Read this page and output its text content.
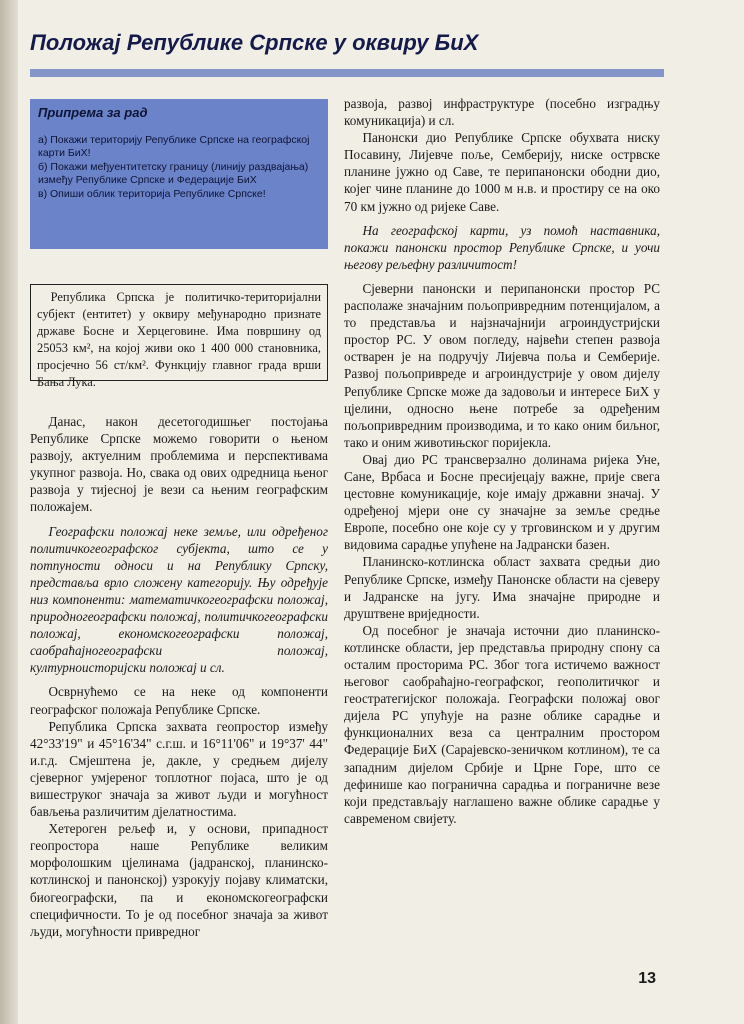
Положај Републике Српске у оквиру БиХ
Припрема за рад
а) Покажи територију Републике Српске на географској карти БиХ!
б) Покажи међуентитетску границу (линију раздвајања) између Републике Српске и Федерације БиХ
в) Опиши облик територија Републике Српске!
Република Српска је политичко-територијални субјект (ентитет) у оквиру међународно признате државе Босне и Херцеговине. Има површину од 25053 км², на којој живи око 1 400 000 становника, просјечно 56 ст/км². Функцију главног града врши Бања Лука.

Данас, након десетогодишњег постојања Републике Српске можемо говорити о њеном развоју, актуелним проблемима и перспективама укупног развоја. Но, свака од ових одредница њеног развоја у тијесној је вези са њеним географским положајем.

Географски положај неке земље, или одређеног политичкогеографског субјекта, што се у потпуности односи и на Републику Српску, представља врло сложену категорију. Њу одређује низ компоненти: математичкогеографски положај, природногеографски положај, политичкогеографски положај, економскогеографски положај, саобраћајногеографски положај, културноисторијски положај и сл.

Осврнућемо се на неке од компоненти географског положаја Републике Српске.

Република Српска захвата геопростор између 42°33'19" и 45°16'34" с.г.ш. и 16°11'06" и 19°37' 44" и.г.д. Смјештена је, дакле, у средњем дијелу сјеверног умјереног топлотног појаса, што је од вишеструког значаја за живот људи и могућност бављења различитим дјелатностима.

Хетероген рељеф и, у основи, припадност геопростора наше Републике великим морфолошким цјелинама (јадранској, планинско-котлинској и панонској) узрокују појаву климатски, биогеографски, па и економскогеографски специфичности. То је од посебног значаја за живот људи, могућности привредног

развоја, развој инфраструктуре (посебно изградњу комуникација) и сл.

Панонски дио Републике Српске обухвата ниску Посавину, Лијевче поље, Семберију, ниске острвске планине јужно од Саве, те перипанонски ободни дио, којег чине планине до 1000 м н.в. и простиру се на око 70 км јужно од ријеке Саве.

На географској карти, уз помоћ наставника, покажи панонски простор Републике Српске, и уочи његову рељефну различитост!

Сјеверни панонски и перипанонски простор РС располаже значајним пољопривредним потенцијалом, а то представља и најзначајнији агроиндустријски простор РС. У овом погледу, највећи степен развоја остварен је на подручју Лијевча поља и Семберије. Развој пољопривреде и агроиндустрије у овом дијелу Републике Српске може да задовољи и интересе БиХ у цјелини, односно њене потребе за одређеним пољопривредним производима, и то како оним биљног, тако и оним животињског поријекла.

Овај дио РС трансверзално долинама ријека Уне, Сане, Врбаса и Босне пресијецају важне, прије свега цестовне комуникације, које имају државни значај. У одређеној мјери оне су значајне за земље средње Европе, посебно оне које су у трговинском и у другим видовима сарадње упућене на Јадрански базен.

Планинско-котлинска област захвата средњи дио Републике Српске, између Панонске области на сјеверу и Јадранске на југу. Има значајне природне и друштвене вриједности.

Од посебног је значаја источни дио планинско-котлинске области, јер представља природну спону са осталим просторима РС. Због тога истичемо важност његовог саобраћајно-географског, геополитичког и геостратегијског положаја. Географски положај овог дијела РС упућује на разне облике сарадње и функционалних веза са централним простором Федерације БиХ (Сарајевско-зеничком котлином), те са западним дијелом Србије и Црне Горе, што се дефинише као погранична сарадња и пограничне везе који представљају наглашено важне облике сарадње у савременом свијету.

13
